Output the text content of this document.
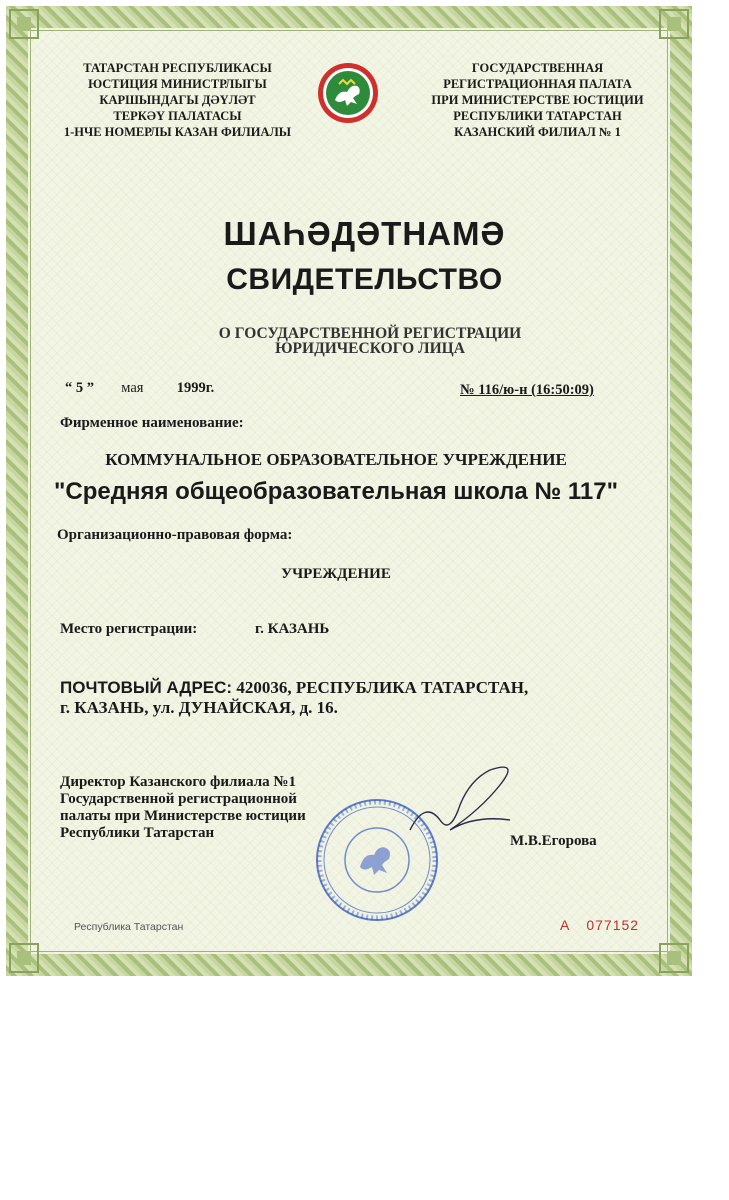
ТАТАРСТАН РЕСПУБЛИКАСЫ
ЮСТИЦИЯ МИНИСТРЛЫГЫ
КАРШЫНДАГЫ ДӘҮЛӘТ
ТЕРКӘҮ ПАЛАТАСЫ
1-НЧЕ НОМЕРЛЫ КАЗАН ФИЛИАЛЫ
ГОСУДАРСТВЕННАЯ
РЕГИСТРАЦИОННАЯ ПАЛАТА
ПРИ МИНИСТЕРСТВЕ ЮСТИЦИИ
РЕСПУБЛИКИ ТАТАРСТАН
КАЗАНСКИЙ ФИЛИАЛ № 1
ШАҺӘДӘТНАМӘ
СВИДЕТЕЛЬСТВО
О ГОСУДАРСТВЕННОЙ РЕГИСТРАЦИИ
ЮРИДИЧЕСКОГО ЛИЦА
“ 5 ” мая 1999г.	№ 116/ю-н (16:50:09)
Фирменное наименование:
КОММУНАЛЬНОЕ ОБРАЗОВАТЕЛЬНОЕ УЧРЕЖДЕНИЕ
"Средняя общеобразовательная школа № 117"
Организационно-правовая форма:
УЧРЕЖДЕНИЕ
Место регистрации:	г. КАЗАНЬ
ПОЧТОВЫЙ АДРЕС: 420036, РЕСПУБЛИКА ТАТАРСТАН,
г. КАЗАНЬ, ул. ДУНАЙСКАЯ, д. 16.
Директор Казанского филиала №1
Государственной регистрационной
палаты при Министерстве юстиции
Республики Татарстан	М.В.Егорова
Республика Татарстан	А 077152
